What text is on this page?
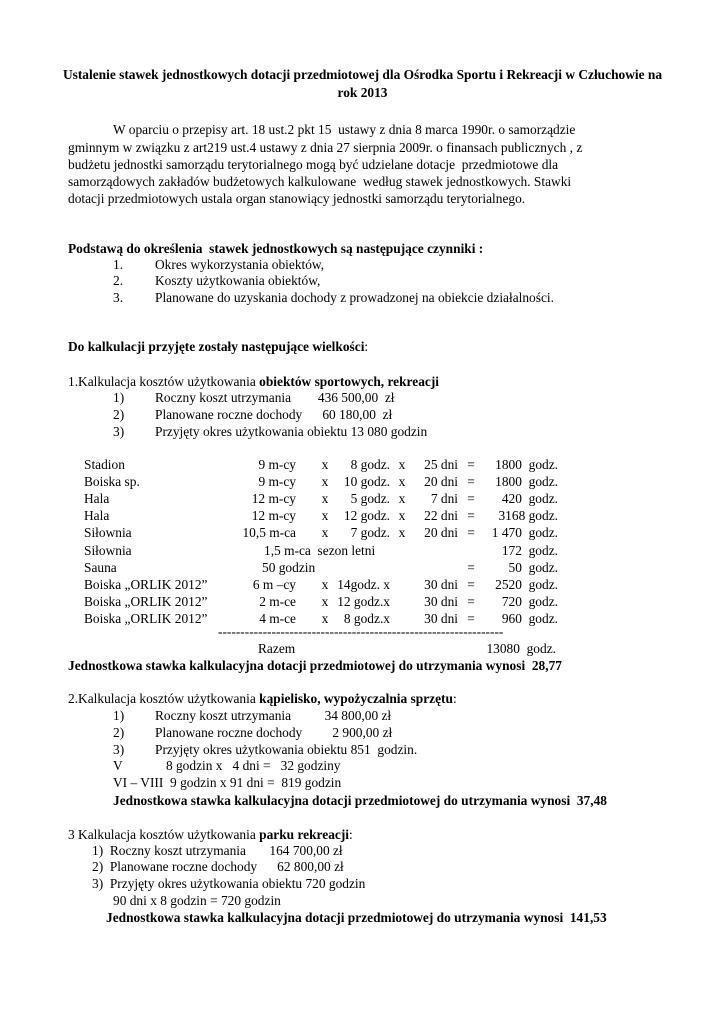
Ustalenie stawek jednostkowych dotacji przedmiotowej dla Ośrodka Sportu i Rekreacji w Człuchowie na rok 2013
W oparciu o przepisy art. 18 ust.2 pkt 15  ustawy z dnia 8 marca 1990r. o samorządzie
gminnym w związku z art219 ust.4 ustawy z dnia 27 sierpnia 2009r. o finansach publicznych , z
budżetu jednostki samorządu terytorialnego mogą być udzielane dotacje  przedmiotowe dla
samorządowych zakładów budżetowych kalkulowane  według stawek jednostkowych. Stawki
dotacji przedmiotowych ustala organ stanowiący jednostki samorządu terytorialnego.
Podstawą do określenia  stawek jednostkowych są następujące czynniki :
1. Okres wykorzystania obiektów,
2. Koszty użytkowania obiektów,
3. Planowane do uzyskania dochody z prowadzonej na obiekcie działalności.
Do kalkulacji przyjęte zostały następujące wielkości:
1.Kalkulacja kosztów użytkowania obiektów sportowych, rekreacji
1) Roczny koszt utrzymania        436 500,00  zł
2) Planowane roczne dochody      60 180,00  zł
3) Przyjęty okres użytkowania obiektu 13 080 godzin
Stadion	9 m-cy x	8 godz. x	25 dni =	1800  godz.
Boiska sp.	9 m-cy x	10 godz. x	20 dni =	1800  godz.
Hala	12 m-cy x	5 godz. x	7 dni =	420  godz.
Hala	12 m-cy x	12 godz. x	22 dni =	3168 godz.
Siłownia	10,5 m-ca x	7 godz. x	20 dni =	1 470  godz.
Siłownia	1,5 m-ca  sezon letni	172  godz.
Sauna	50 godzin	=	50  godz.
Boiska „ORLIK 2012”	6 m –cy x 14godz. x	30 dni =	2520  godz.
Boiska „ORLIK 2012”	2 m-ce x 12 godz.x	30 dni =	720  godz.
Boiska „ORLIK 2012”	4 m-ce x	8 godz.x	30 dni =	960  godz.
----------------------------------------------------------------
Razem	13080  godz.
Jednostkowa stawka kalkulacyjna dotacji przedmiotowej do utrzymania wynosi  28,77
2.Kalkulacja kosztów użytkowania kąpielisko, wypożyczalnia sprzętu:
1) Roczny koszt utrzymania          34 800,00 zł
2) Planowane roczne dochody         2 900,00 zł
3) Przyjęty okres użytkowania obiektu 851  godzin.
V             8 godzin x   4 dni =   32 godziny
VI – VIII  9 godzin x 91 dni =  819 godzin
Jednostkowa stawka kalkulacyjna dotacji przedmiotowej do utrzymania wynosi  37,48
3 Kalkulacja kosztów użytkowania parku rekreacji:
1)  Roczny koszt utrzymania       164 700,00 zł
2)  Planowane roczne dochody      62 800,00 zł
3)  Przyjęty okres użytkowania obiektu 720 godzin
90 dni x 8 godzin = 720 godzin
Jednostkowa stawka kalkulacyjna dotacji przedmiotowej do utrzymania wynosi  141,53
